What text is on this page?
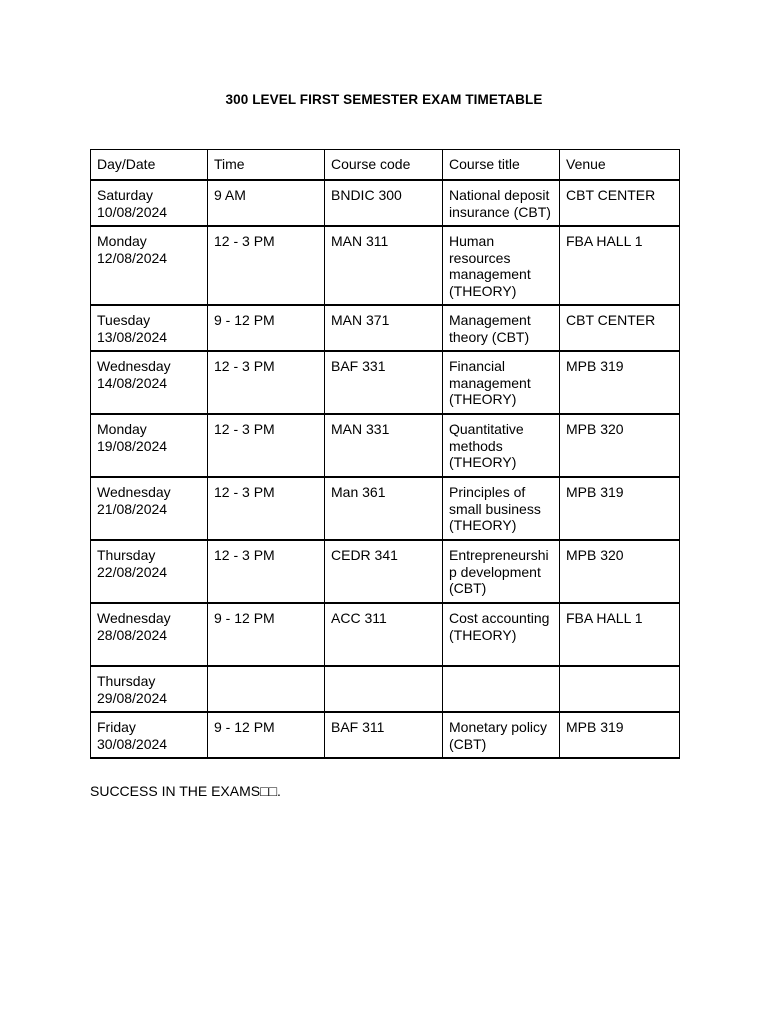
300 LEVEL FIRST SEMESTER EXAM TIMETABLE
Day/Date	Time	Course code	Course title	Venue

Saturday
10/08/2024	9 AM	BNDIC 300	National deposit insurance (CBT)	CBT CENTER

Monday
12/08/2024	12 - 3 PM	MAN 311	Human resources management (THEORY)	FBA HALL 1

Tuesday
13/08/2024	9 - 12 PM	MAN 371	Management theory (CBT)	CBT CENTER

Wednesday
14/08/2024	12 - 3 PM	BAF 331	Financial management (THEORY)	MPB 319

Monday
19/08/2024	12 - 3 PM	MAN 331	Quantitative methods (THEORY)	MPB 320

Wednesday
21/08/2024	12 - 3 PM	Man 361	Principles of small business (THEORY)	MPB 319

Thursday
22/08/2024	12 - 3 PM	CEDR 341	Entrepreneurship development (CBT)	MPB 320

Wednesday
28/08/2024	9 - 12 PM	ACC 311	Cost accounting (THEORY)	FBA HALL 1

Thursday
29/08/2024				

Friday
30/08/2024	9 - 12 PM	BAF 311	Monetary policy (CBT)	MPB 319
SUCCESS IN THE EXAMS□□.
